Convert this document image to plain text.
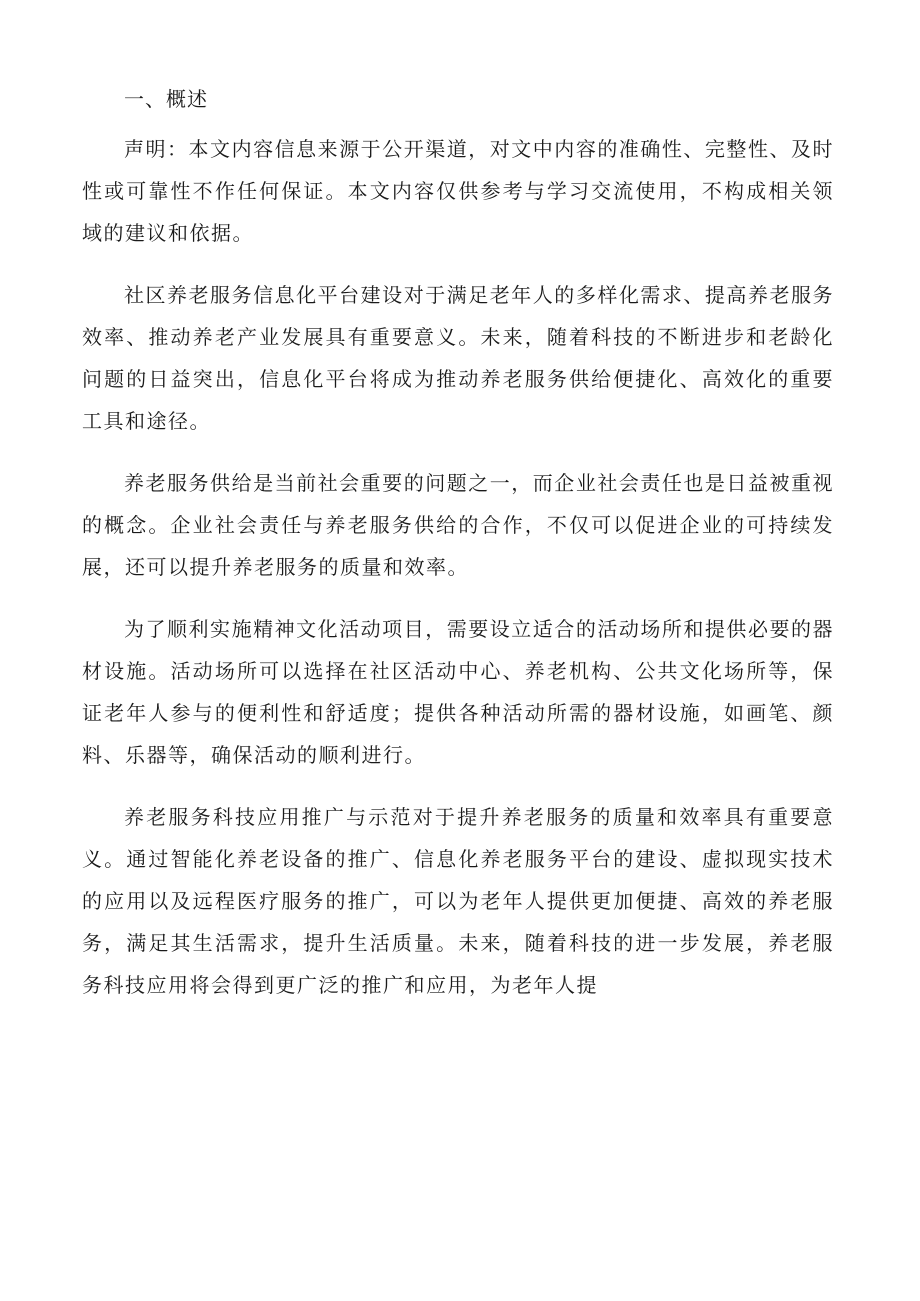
一、概述

声明：本文内容信息来源于公开渠道，对文中内容的准确性、完整性、及时性或可靠性不作任何保证。本文内容仅供参考与学习交流使用，不构成相关领域的建议和依据。

社区养老服务信息化平台建设对于满足老年人的多样化需求、提高养老服务效率、推动养老产业发展具有重要意义。未来，随着科技的不断进步和老龄化问题的日益突出，信息化平台将成为推动养老服务供给便捷化、高效化的重要工具和途径。

养老服务供给是当前社会重要的问题之一，而企业社会责任也是日益被重视的概念。企业社会责任与养老服务供给的合作，不仅可以促进企业的可持续发展，还可以提升养老服务的质量和效率。

为了顺利实施精神文化活动项目，需要设立适合的活动场所和提供必要的器材设施。活动场所可以选择在社区活动中心、养老机构、公共文化场所等，保证老年人参与的便利性和舒适度；提供各种活动所需的器材设施，如画笔、颜料、乐器等，确保活动的顺利进行。

养老服务科技应用推广与示范对于提升养老服务的质量和效率具有重要意义。通过智能化养老设备的推广、信息化养老服务平台的建设、虚拟现实技术的应用以及远程医疗服务的推广，可以为老年人提供更加便捷、高效的养老服务，满足其生活需求，提升生活质量。未来，随着科技的进一步发展，养老服务科技应用将会得到更广泛的推广和应用，为老年人提
